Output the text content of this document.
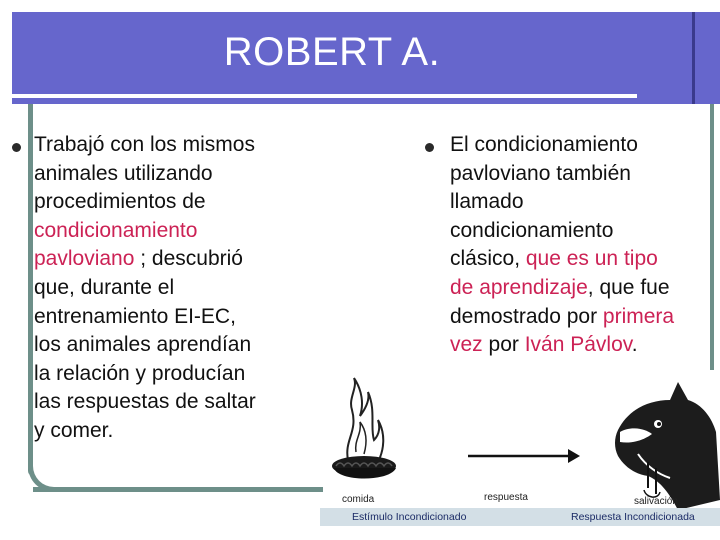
ROBERT A.
Trabajó con los mismos
animales utilizando
procedimientos de
condicionamiento
pavloviano ; descubrió
que, durante el
entrenamiento EI-EC,
los animales aprendían
la relación y producían
las respuestas de saltar
y comer.
El condicionamiento
pavloviano también
llamado
condicionamiento
clásico, que es un tipo
de aprendizaje, que fue
demostrado por primera
vez por Iván Pávlov.
comida	respuesta	salivación
Estímulo Incondicionado	Respuesta Incondicionada
